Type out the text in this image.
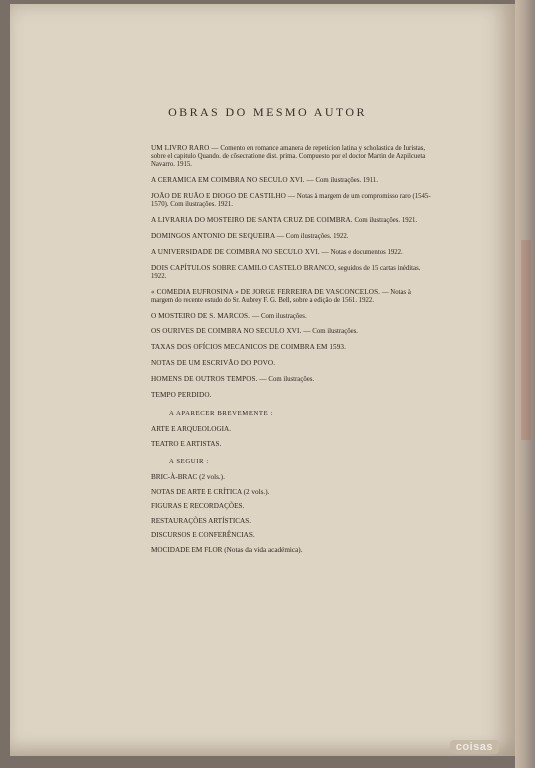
OBRAS DO MESMO AUTOR
UM LIVRO RARO — Comento en romance amanera de repeticion latina y scholastica de Iuristas, sobre el capitulo Quando. de côsecratione dist. prima. Compuesto por el doctor Martin de Azpilcueta Navarro. 1915.
A CERAMICA EM COIMBRA NO SECULO XVI. — Com ilustrações. 1911.
JOÃO DE RUÃO E DIOGO DE CASTILHO — Notas à margem de um compromisso raro (1545-1570). Com ilustrações. 1921.
A LIVRARIA DO MOSTEIRO DE SANTA CRUZ DE COIMBRA. Com ilustrações. 1921.
DOMINGOS ANTONIO DE SEQUEIRA — Com ilustrações. 1922.
A UNIVERSIDADE DE COIMBRA NO SECULO XVI. — Notas e documentos 1922.
DOIS CAPÍTULOS SOBRE CAMILO CASTELO BRANCO, seguidos de 15 cartas inéditas. 1922.
« COMEDIA EUFROSINA » DE JORGE FERREIRA DE VASCONCELOS. — Notas à margem do recente estudo do Sr. Aubrey F. G. Bell, sobre a edição de 1561. 1922.
O MOSTEIRO DE S. MARCOS. — Com ilustrações.
OS OURIVES DE COIMBRA NO SECULO XVI. — Com ilustrações.
TAXAS DOS OFÍCIOS MECANICOS DE COIMBRA EM 1593.
NOTAS DE UM ESCRIVÃO DO POVO.
HOMENS DE OUTROS TEMPOS. — Com ilustrações.
TEMPO PERDIDO.
A APARECER BREVEMENTE :
ARTE E ARQUEOLOGIA.
TEATRO E ARTISTAS.
A SEGUIR :
BRIC-À-BRAC (2 vols.).
NOTAS DE ARTE E CRÍTICA (2 vols.).
FIGURAS E RECORDAÇÕES.
RESTAURAÇÕES ARTÍSTICAS.
DISCURSOS E CONFERÊNCIAS.
MOCIDADE EM FLOR (Notas da vida académica).
coisas
